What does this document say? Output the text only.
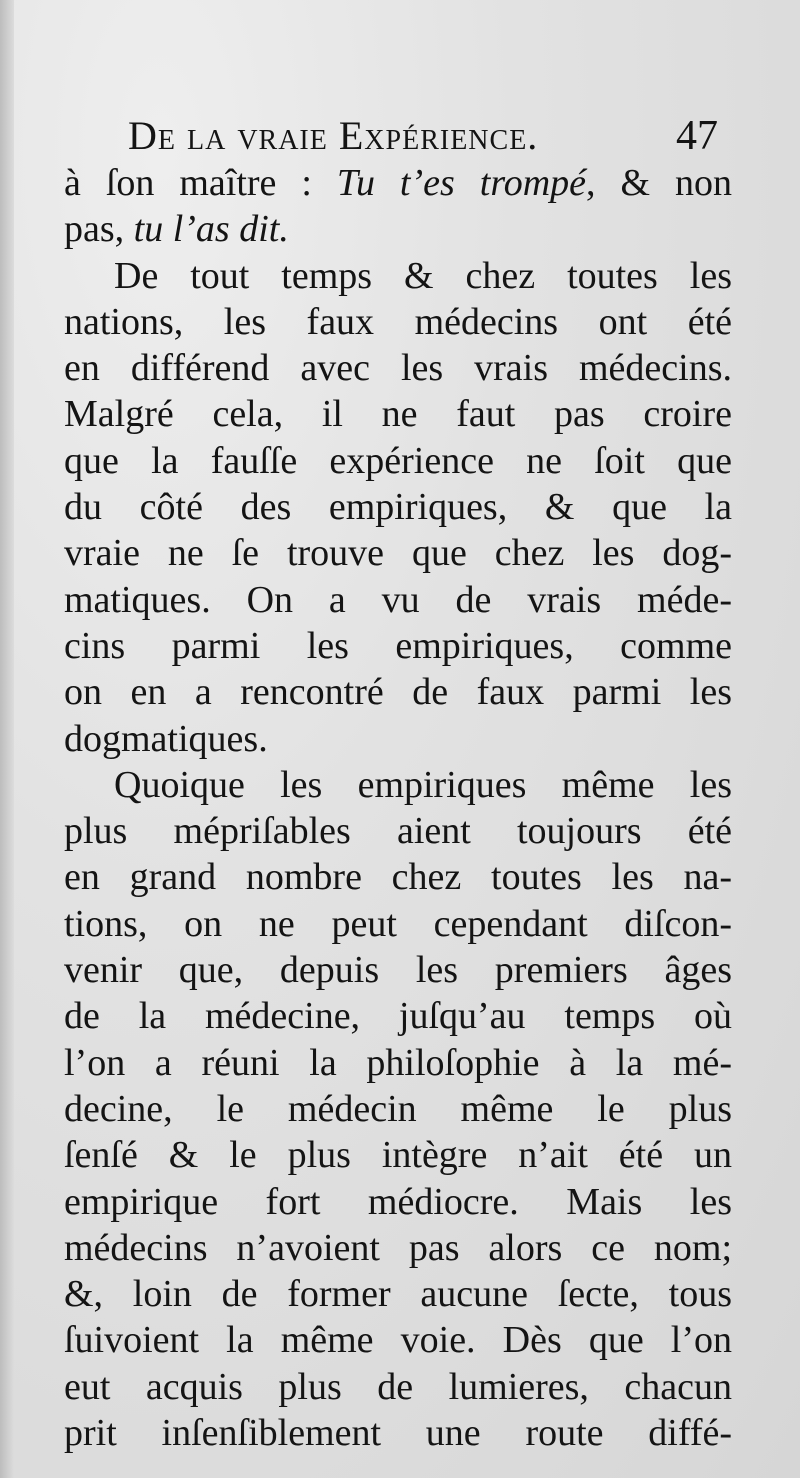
De la vraie Expérience.	47
à ſon maître : Tu t’es trompé, & non
pas, tu l’as dit.
De tout temps & chez toutes les
nations, les faux médecins ont été
en différend avec les vrais médecins.
Malgré cela, il ne faut pas croire
que la fauſſe expérience ne ſoit que
du côté des empiriques, & que la
vraie ne ſe trouve que chez les dog-
matiques. On a vu de vrais méde-
cins parmi les empiriques, comme
on en a rencontré de faux parmi les
dogmatiques.
Quoique les empiriques même les
plus mépriſables aient toujours été
en grand nombre chez toutes les na-
tions, on ne peut cependant diſcon-
venir que, depuis les premiers âges
de la médecine, juſqu’au temps où
l’on a réuni la philoſophie à la mé-
decine, le médecin même le plus
ſenſé & le plus intègre n’ait été un
empirique fort médiocre. Mais les
médecins n’avoient pas alors ce nom;
&, loin de former aucune ſecte, tous
ſuivoient la même voie. Dès que l’on
eut acquis plus de lumieres, chacun
prit inſenſiblement une route diffé-
